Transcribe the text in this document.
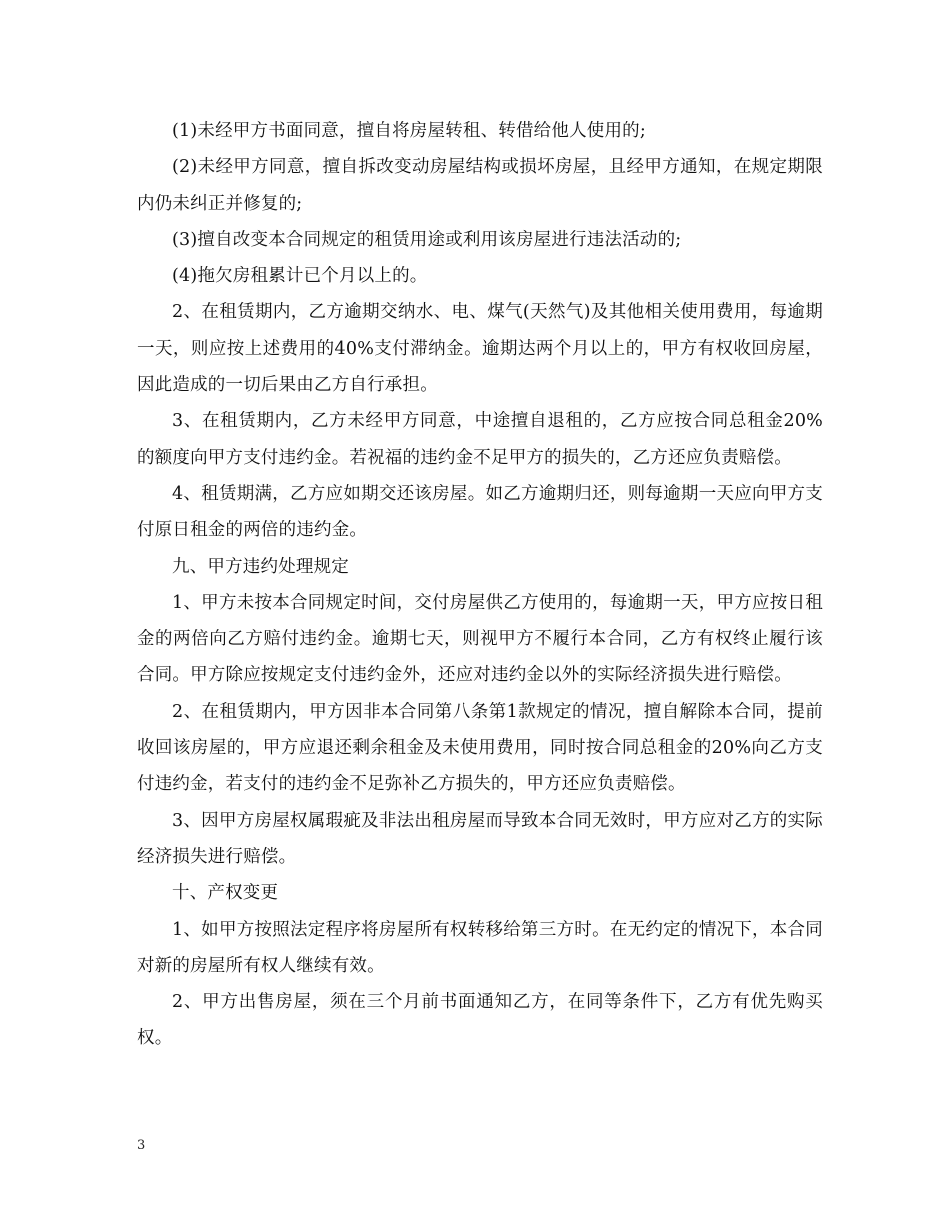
(1)未经甲方书面同意，擅自将房屋转租、转借给他人使用的;

(2)未经甲方同意，擅自拆改变动房屋结构或损坏房屋，且经甲方通知，在规定期限内仍未纠正并修复的;

(3)擅自改变本合同规定的租赁用途或利用该房屋进行违法活动的;

(4)拖欠房租累计已个月以上的。

2、在租赁期内，乙方逾期交纳水、电、煤气(天然气)及其他相关使用费用，每逾期一天，则应按上述费用的40%支付滞纳金。逾期达两个月以上的，甲方有权收回房屋，因此造成的一切后果由乙方自行承担。

3、在租赁期内，乙方未经甲方同意，中途擅自退租的，乙方应按合同总租金20%的额度向甲方支付违约金。若祝福的违约金不足甲方的损失的，乙方还应负责赔偿。

4、租赁期满，乙方应如期交还该房屋。如乙方逾期归还，则每逾期一天应向甲方支付原日租金的两倍的违约金。

九、甲方违约处理规定

1、甲方未按本合同规定时间，交付房屋供乙方使用的，每逾期一天，甲方应按日租金的两倍向乙方赔付违约金。逾期七天，则视甲方不履行本合同，乙方有权终止履行该合同。甲方除应按规定支付违约金外，还应对违约金以外的实际经济损失进行赔偿。

2、在租赁期内，甲方因非本合同第八条第1款规定的情况，擅自解除本合同，提前收回该房屋的，甲方应退还剩余租金及未使用费用，同时按合同总租金的20%向乙方支付违约金，若支付的违约金不足弥补乙方损失的，甲方还应负责赔偿。

3、因甲方房屋权属瑕疵及非法出租房屋而导致本合同无效时，甲方应对乙方的实际经济损失进行赔偿。

十、产权变更

1、如甲方按照法定程序将房屋所有权转移给第三方时。在无约定的情况下，本合同对新的房屋所有权人继续有效。

2、甲方出售房屋，须在三个月前书面通知乙方，在同等条件下，乙方有优先购买权。

3
